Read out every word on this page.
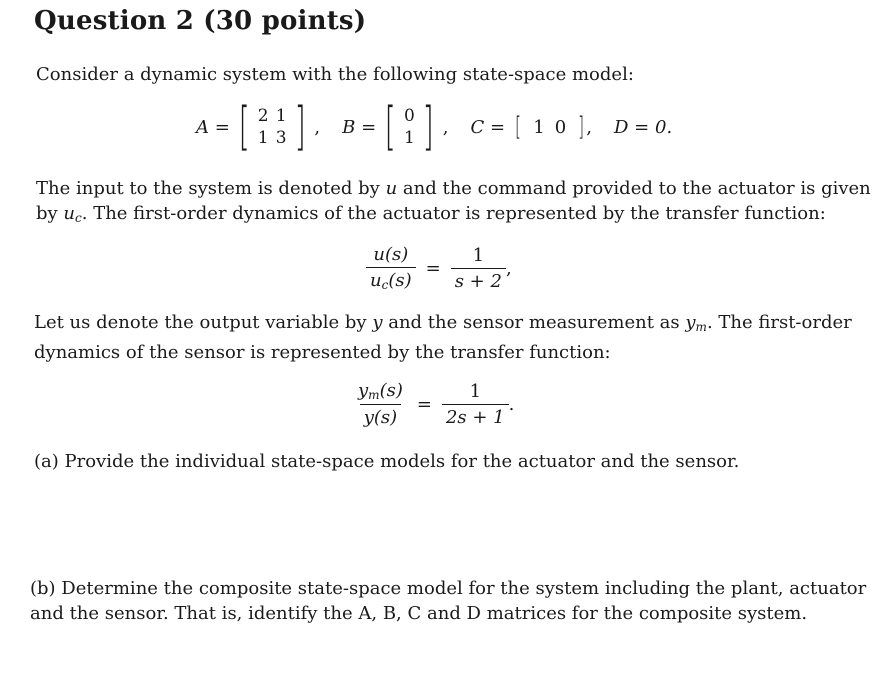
Question 2 (30 points)
Consider a dynamic system with the following state-space model:
A = [ 2 1
1 3 ] , B = [ 0
1 ] , C = [ 1 0 ] , D = 0.
The input to the system is denoted by u and the command provided to the actuator is given
by $u_c$. The first-order dynamics of the actuator is represented by the transfer function:
$\frac{u(s)}{u_c(s)} = \frac{1}{s + 2}$ ,
Let us denote the output variable by y and the sensor measurement as $y_m$. The first-order
dynamics of the sensor is represented by the transfer function:
$\frac{y_m(s)}{y(s)} = \frac{1}{2s + 1}$ .
(a) Provide the individual state-space models for the actuator and the sensor.
(b) Determine the composite state-space model for the system including the plant, actuator
and the sensor. That is, identify the A, B, C and D matrices for the composite system.
